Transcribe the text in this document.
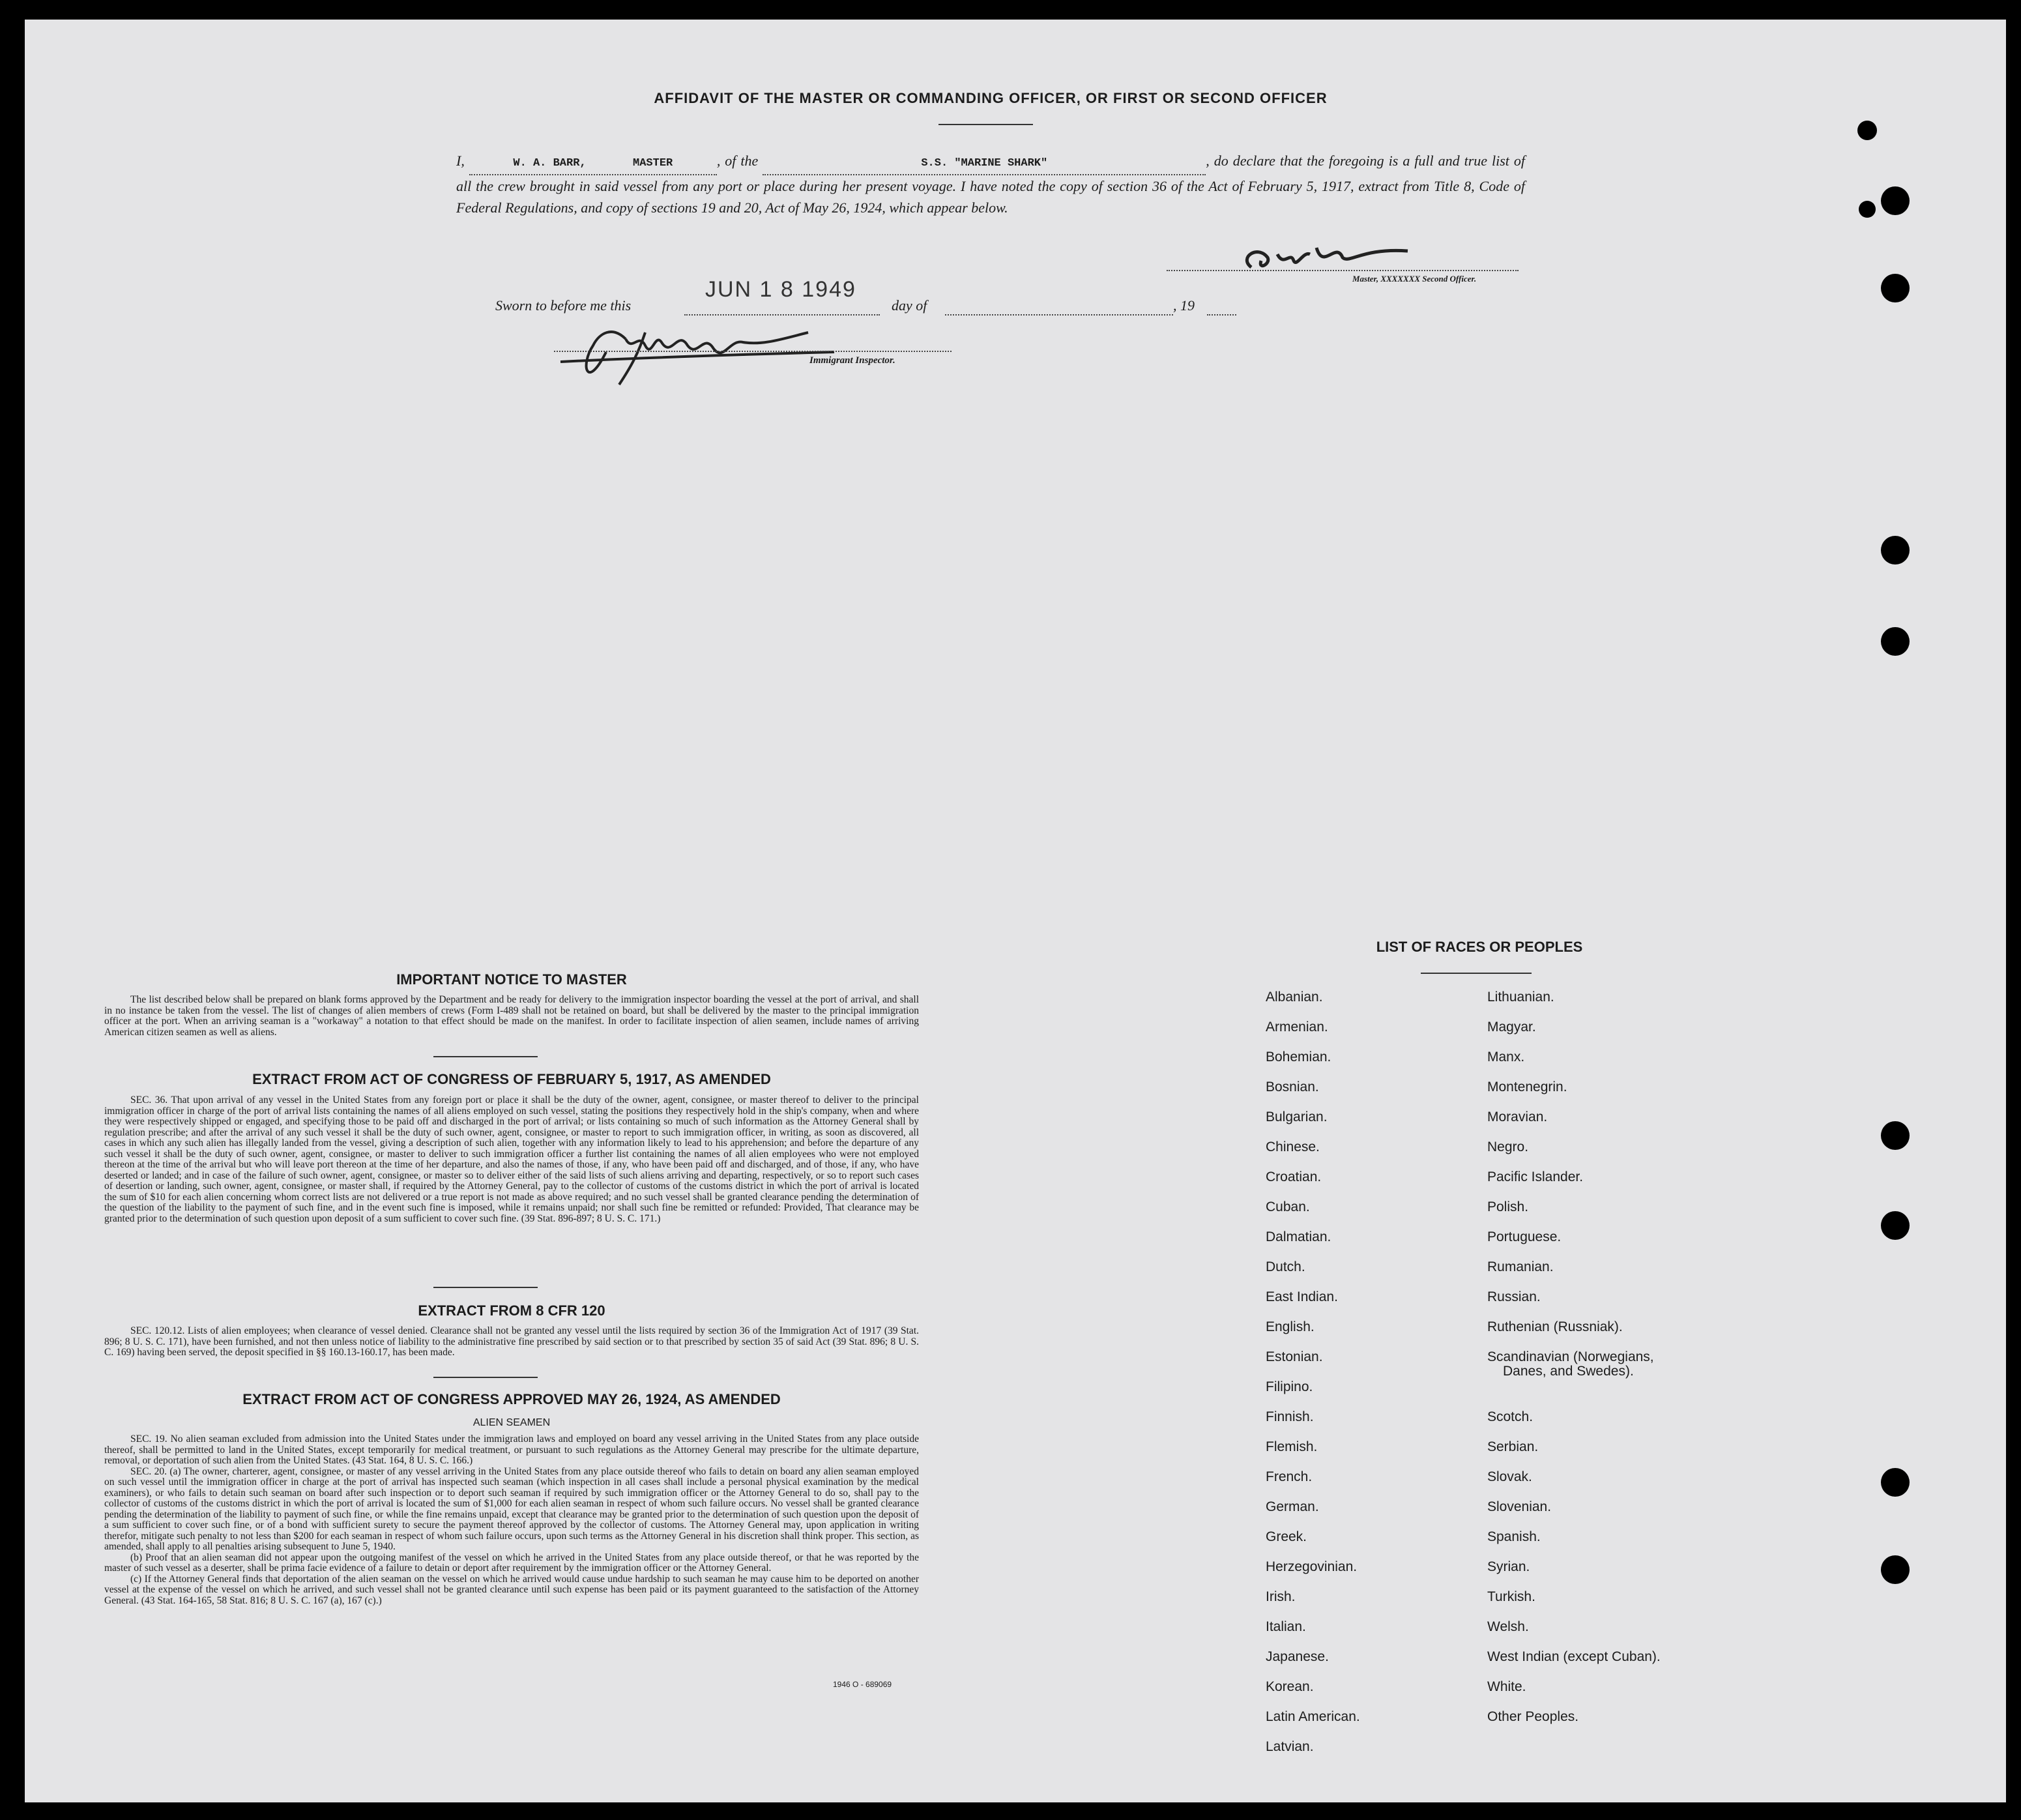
AFFIDAVIT OF THE MASTER OR COMMANDING OFFICER, OR FIRST OR SECOND OFFICER
I,	W. A. BARR,	MASTER	, of the	S.S. "MARINE SHARK"	, do declare that the foregoing is a full and true list of all the crew brought in said vessel from any port or place during her present voyage. I have noted the copy of section 36 of the Act of February 5, 1917, extract from Title 8, Code of Federal Regulations, and copy of sections 19 and 20, Act of May 26, 1924, which appear below.
Master, XXXXXXX Second Officer.
Sworn to before me this
JUN 1 8 1949
day of	, 19
Immigrant Inspector.
IMPORTANT NOTICE TO MASTER

The list described below shall be prepared on blank forms approved by the Department and be ready for delivery to the immigration inspector boarding the vessel at the port of arrival, and shall in no instance be taken from the vessel. The list of changes of alien members of crews (Form I-489 shall not be retained on board, but shall be delivered by the master to the principal immigration officer at the port. When an arriving seaman is a "workaway" a notation to that effect should be made on the manifest. In order to facilitate inspection of alien seamen, include names of arriving American citizen seamen as well as aliens.

EXTRACT FROM ACT OF CONGRESS OF FEBRUARY 5, 1917, AS AMENDED

SEC. 36. That upon arrival of any vessel in the United States from any foreign port or place it shall be the duty of the owner, agent, consignee, or master thereof to deliver to the principal immigration officer in charge of the port of arrival lists containing the names of all aliens employed on such vessel, stating the positions they respectively hold in the ship's company, when and where they were respectively shipped or engaged, and specifying those to be paid off and discharged in the port of arrival; or lists containing so much of such information as the Attorney General shall by regulation prescribe; and after the arrival of any such vessel it shall be the duty of such owner, agent, consignee, or master to report to such immigration officer, in writing, as soon as discovered, all cases in which any such alien has illegally landed from the vessel, giving a description of such alien, together with any information likely to lead to his apprehension; and before the departure of any such vessel it shall be the duty of such owner, agent, consignee, or master to deliver to such immigration officer a further list containing the names of all alien employees who were not employed thereon at the time of the arrival but who will leave port thereon at the time of her departure, and also the names of those, if any, who have been paid off and discharged, and of those, if any, who have deserted or landed; and in case of the failure of such owner, agent, consignee, or master so to deliver either of the said lists of such aliens arriving and departing, respectively, or so to report such cases of desertion or landing, such owner, agent, consignee, or master shall, if required by the Attorney General, pay to the collector of customs of the customs district in which the port of arrival is located the sum of $10 for each alien concerning whom correct lists are not delivered or a true report is not made as above required; and no such vessel shall be granted clearance pending the determination of the question of the liability to the payment of such fine, and in the event such fine is imposed, while it remains unpaid; nor shall such fine be remitted or refunded: Provided, That clearance may be granted prior to the determination of such question upon deposit of a sum sufficient to cover such fine. (39 Stat. 896-897; 8 U. S. C. 171.)

EXTRACT FROM 8 CFR 120

SEC. 120.12. Lists of alien employees; when clearance of vessel denied. Clearance shall not be granted any vessel until the lists required by section 36 of the Immigration Act of 1917 (39 Stat. 896; 8 U. S. C. 171), have been furnished, and not then unless notice of liability to the administrative fine prescribed by said section or to that prescribed by section 35 of said Act (39 Stat. 896; 8 U. S. C. 169) having been served, the deposit specified in §§ 160.13-160.17, has been made.

EXTRACT FROM ACT OF CONGRESS APPROVED MAY 26, 1924, AS AMENDED
ALIEN SEAMEN

SEC. 19. No alien seaman excluded from admission into the United States under the immigration laws and employed on board any vessel arriving in the United States from any place outside thereof, shall be permitted to land in the United States, except temporarily for medical treatment, or pursuant to such regulations as the Attorney General may prescribe for the ultimate departure, removal, or deportation of such alien from the United States. (43 Stat. 164, 8 U. S. C. 166.)

SEC. 20. (a) The owner, charterer, agent, consignee, or master of any vessel arriving in the United States from any place outside thereof who fails to detain on board any alien seaman employed on such vessel until the immigration officer in charge at the port of arrival has inspected such seaman (which inspection in all cases shall include a personal physical examination by the medical examiners), or who fails to detain such seaman on board after such inspection or to deport such seaman if required by such immigration officer or the Attorney General to do so, shall pay to the collector of customs of the customs district in which the port of arrival is located the sum of $1,000 for each alien seaman in respect of whom such failure occurs. No vessel shall be granted clearance pending the determination of the liability to payment of such fine, or while the fine remains unpaid, except that clearance may be granted prior to the determination of such question upon the deposit of a sum sufficient to cover such fine, or of a bond with sufficient surety to secure the payment thereof approved by the collector of customs. The Attorney General may, upon application in writing therefor, mitigate such penalty to not less than $200 for each seaman in respect of whom such failure occurs, upon such terms as the Attorney General in his discretion shall think proper. This section, as amended, shall apply to all penalties arising subsequent to June 5, 1940.

(b) Proof that an alien seaman did not appear upon the outgoing manifest of the vessel on which he arrived in the United States from any place outside thereof, or that he was reported by the master of such vessel as a deserter, shall be prima facie evidence of a failure to detain or deport after requirement by the immigration officer or the Attorney General.

(c) If the Attorney General finds that deportation of the alien seaman on the vessel on which he arrived would cause undue hardship to such seaman he may cause him to be deported on another vessel at the expense of the vessel on which he arrived, and such vessel shall not be granted clearance until such expense has been paid or its payment guaranteed to the satisfaction of the Attorney General. (43 Stat. 164-165, 58 Stat. 816; 8 U. S. C. 167 (a), 167 (c).)

1946 O - 689069
LIST OF RACES OR PEOPLES
Albanian.
Armenian.
Bohemian.
Bosnian.
Bulgarian.
Chinese.
Croatian.
Cuban.
Dalmatian.
Dutch.
East Indian.
English.
Estonian.
Filipino.
Finnish.
Flemish.
French.
German.
Greek.
Herzegovinian.
Irish.
Italian.
Japanese.
Korean.
Latin American.
Latvian.
Lithuanian.
Magyar.
Manx.
Montenegrin.
Moravian.
Negro.
Pacific Islander.
Polish.
Portuguese.
Rumanian.
Russian.
Ruthenian (Russniak).
Scandinavian (Norwegians,
Danes, and Swedes).
Scotch.
Serbian.
Slovak.
Slovenian.
Spanish.
Syrian.
Turkish.
Welsh.
West Indian (except Cuban).
White.
Other Peoples.
